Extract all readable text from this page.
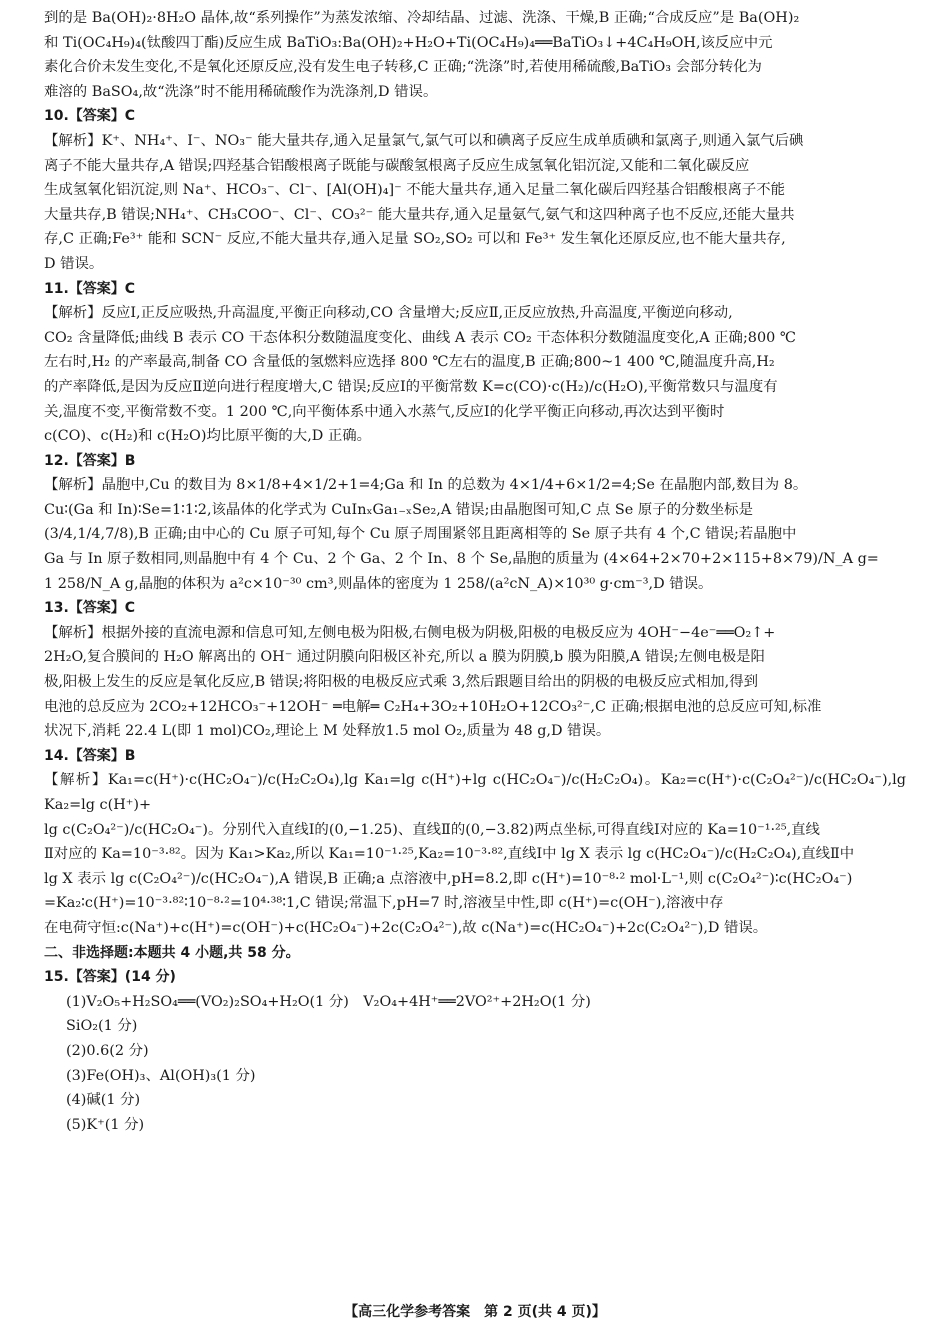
到的是 Ba(OH)₂·8H₂O 晶体,故“系列操作”为蒸发浓缩、冷却结晶、过滤、洗涤、干燥,B 正确;“合成反应”是 Ba(OH)₂

和 Ti(OC₄H₉)₄(钛酸四丁酯)反应生成 BaTiO₃:Ba(OH)₂+H₂O+Ti(OC₄H₉)₄══BaTiO₃↓+4C₄H₉OH,该反应中元

素化合价未发生变化,不是氧化还原反应,没有发生电子转移,C 正确;“洗涤”时,若使用稀硫酸,BaTiO₃ 会部分转化为

难溶的 BaSO₄,故“洗涤”时不能用稀硫酸作为洗涤剂,D 错误。

10.【答案】C

【解析】K⁺、NH₄⁺、I⁻、NO₃⁻ 能大量共存,通入足量氯气,氯气可以和碘离子反应生成单质碘和氯离子,则通入氯气后碘

离子不能大量共存,A 错误;四羟基合铝酸根离子既能与碳酸氢根离子反应生成氢氧化铝沉淀,又能和二氧化碳反应

生成氢氧化铝沉淀,则 Na⁺、HCO₃⁻、Cl⁻、[Al(OH)₄]⁻ 不能大量共存,通入足量二氧化碳后四羟基合铝酸根离子不能

大量共存,B 错误;NH₄⁺、CH₃COO⁻、Cl⁻、CO₃²⁻ 能大量共存,通入足量氨气,氨气和这四种离子也不反应,还能大量共

存,C 正确;Fe³⁺ 能和 SCN⁻ 反应,不能大量共存,通入足量 SO₂,SO₂ 可以和 Fe³⁺ 发生氧化还原反应,也不能大量共存,

D 错误。

11.【答案】C

【解析】反应Ⅰ,正反应吸热,升高温度,平衡正向移动,CO 含量增大;反应Ⅱ,正反应放热,升高温度,平衡逆向移动,

CO₂ 含量降低;曲线 B 表示 CO 干态体积分数随温度变化、曲线 A 表示 CO₂ 干态体积分数随温度变化,A 正确;800 ℃

左右时,H₂ 的产率最高,制备 CO 含量低的氢燃料应选择 800 ℃左右的温度,B 正确;800~1 400 ℃,随温度升高,H₂

的产率降低,是因为反应Ⅱ逆向进行程度增大,C 错误;反应Ⅰ的平衡常数 K=c(CO)·c(H₂)/c(H₂O),平衡常数只与温度有

关,温度不变,平衡常数不变。1 200 ℃,向平衡体系中通入水蒸气,反应Ⅰ的化学平衡正向移动,再次达到平衡时

c(CO)、c(H₂)和 c(H₂O)均比原平衡的大,D 正确。

12.【答案】B

【解析】晶胞中,Cu 的数目为 8×1/8+4×1/2+1=4;Ga 和 In 的总数为 4×1/4+6×1/2=4;Se 在晶胞内部,数目为 8。

Cu∶(Ga 和 In)∶Se=1∶1∶2,该晶体的化学式为 CuInₓGa₁₋ₓSe₂,A 错误;由晶胞图可知,C 点 Se 原子的分数坐标是

(3/4,1/4,7/8),B 正确;由中心的 Cu 原子可知,每个 Cu 原子周围紧邻且距离相等的 Se 原子共有 4 个,C 错误;若晶胞中

Ga 与 In 原子数相同,则晶胞中有 4 个 Cu、2 个 Ga、2 个 In、8 个 Se,晶胞的质量为 (4×64+2×70+2×115+8×79)/N_A g=

1 258/N_A g,晶胞的体积为 a²c×10⁻³⁰ cm³,则晶体的密度为 1 258/(a²cN_A)×10³⁰ g·cm⁻³,D 错误。

13.【答案】C

【解析】根据外接的直流电源和信息可知,左侧电极为阳极,右侧电极为阴极,阳极的电极反应为 4OH⁻−4e⁻══O₂↑+

2H₂O,复合膜间的 H₂O 解离出的 OH⁻ 通过阴膜向阳极区补充,所以 a 膜为阴膜,b 膜为阳膜,A 错误;左侧电极是阳

极,阳极上发生的反应是氧化反应,B 错误;将阳极的电极反应式乘 3,然后跟题目给出的阴极的电极反应式相加,得到

电池的总反应为 2CO₂+12HCO₃⁻+12OH⁻ ═电解═ C₂H₄+3O₂+10H₂O+12CO₃²⁻,C 正确;根据电池的总反应可知,标准

状况下,消耗 22.4 L(即 1 mol)CO₂,理论上 M 处释放1.5 mol O₂,质量为 48 g,D 错误。

14.【答案】B

【解析】Ka₁=c(H⁺)·c(HC₂O₄⁻)/c(H₂C₂O₄),lg Ka₁=lg c(H⁺)+lg c(HC₂O₄⁻)/c(H₂C₂O₄)。Ka₂=c(H⁺)·c(C₂O₄²⁻)/c(HC₂O₄⁻),lg Ka₂=lg c(H⁺)+

lg c(C₂O₄²⁻)/c(HC₂O₄⁻)。分别代入直线Ⅰ的(0,−1.25)、直线Ⅱ的(0,−3.82)两点坐标,可得直线Ⅰ对应的 Ka=10⁻¹·²⁵,直线

Ⅱ对应的 Ka=10⁻³·⁸²。因为 Ka₁>Ka₂,所以 Ka₁=10⁻¹·²⁵,Ka₂=10⁻³·⁸²,直线Ⅰ中 lg X 表示 lg c(HC₂O₄⁻)/c(H₂C₂O₄),直线Ⅱ中

lg X 表示 lg c(C₂O₄²⁻)/c(HC₂O₄⁻),A 错误,B 正确;a 点溶液中,pH=8.2,即 c(H⁺)=10⁻⁸·² mol·L⁻¹,则 c(C₂O₄²⁻)∶c(HC₂O₄⁻)

=Ka₂∶c(H⁺)=10⁻³·⁸²∶10⁻⁸·²=10⁴·³⁸∶1,C 错误;常温下,pH=7 时,溶液呈中性,即 c(H⁺)=c(OH⁻),溶液中存

在电荷守恒:c(Na⁺)+c(H⁺)=c(OH⁻)+c(HC₂O₄⁻)+2c(C₂O₄²⁻),故 c(Na⁺)=c(HC₂O₄⁻)+2c(C₂O₄²⁻),D 错误。

二、非选择题:本题共 4 小题,共 58 分。

15.【答案】(14 分)

(1)V₂O₅+H₂SO₄══(VO₂)₂SO₄+H₂O(1 分)　V₂O₄+4H⁺══2VO²⁺+2H₂O(1 分)

SiO₂(1 分)

(2)0.6(2 分)

(3)Fe(OH)₃、Al(OH)₃(1 分)

(4)碱(1 分)

(5)K⁺(1 分)

【高三化学参考答案　第 2 页(共 4 页)】
